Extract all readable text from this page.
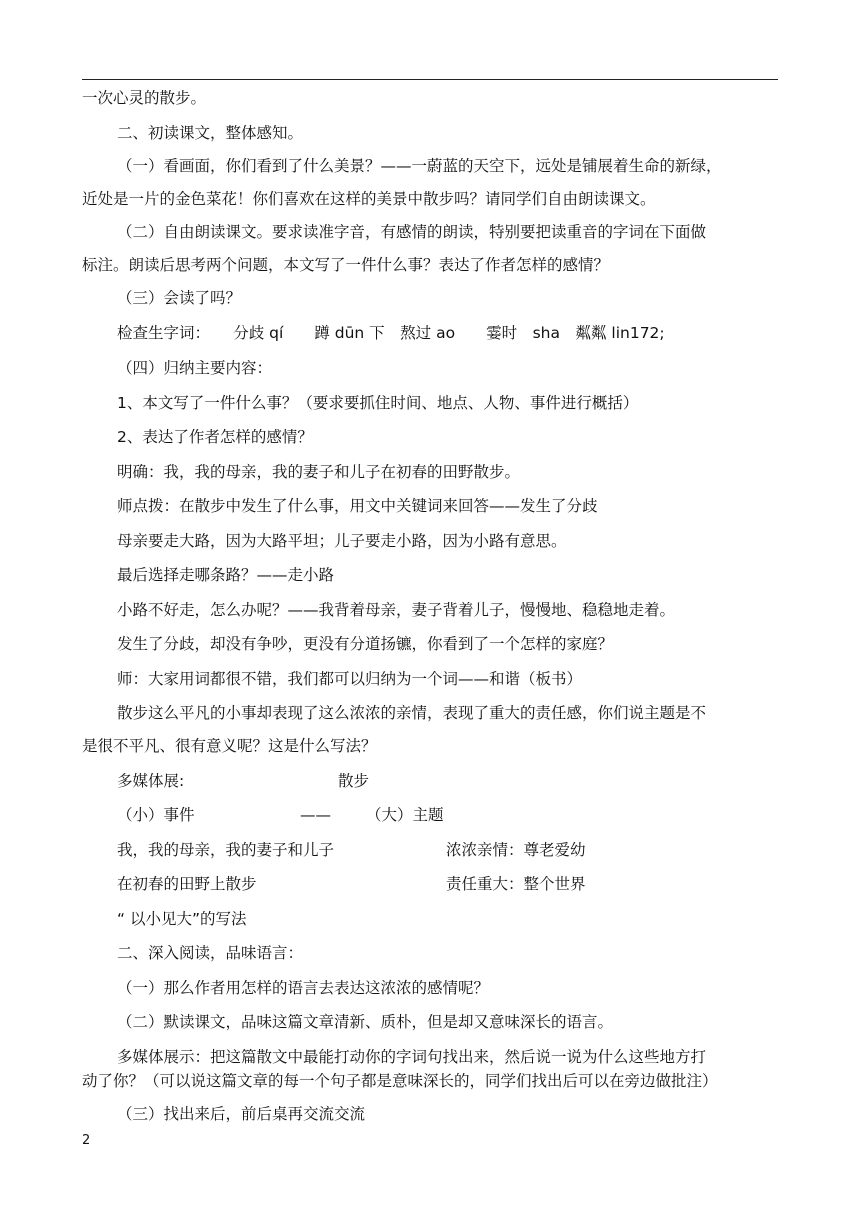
一次心灵的散步。
二、初读课文，整体感知。
（一）看画面，你们看到了什么美景？——一蔚蓝的天空下，远处是铺展着生命的新绿，
近处是一片的金色菜花！你们喜欢在这样的美景中散步吗？请同学们自由朗读课文。
（二）自由朗读课文。要求读准字音，有感情的朗读，特别要把读重音的字词在下面做
标注。朗读后思考两个问题，本文写了一件什么事？表达了作者怎样的感情？
（三）会读了吗？
检查生字词：　　分歧 qí　　蹲 dūn 下　熬过 ao　　霎时　sha　粼粼 lin172;
（四）归纳主要内容：
1、本文写了一件什么事？（要求要抓住时间、地点、人物、事件进行概括）
2、表达了作者怎样的感情？
明确：我，我的母亲，我的妻子和儿子在初春的田野散步。
师点拨：在散步中发生了什么事，用文中关键词来回答——发生了分歧
母亲要走大路，因为大路平坦；儿子要走小路，因为小路有意思。
最后选择走哪条路？——走小路
小路不好走，怎么办呢？——我背着母亲，妻子背着儿子，慢慢地、稳稳地走着。
发生了分歧，却没有争吵，更没有分道扬镳，你看到了一个怎样的家庭？
师：大家用词都很不错，我们都可以归纳为一个词——和谐（板书）
散步这么平凡的小事却表现了这么浓浓的亲情，表现了重大的责任感，你们说主题是不
是很不平凡、很有意义呢？这是什么写法？
多媒体展:	散步
（小）事件	—— （大）主题
我，我的母亲，我的妻子和儿子	浓浓亲情：尊老爱幼
在初春的田野上散步	责任重大：整个世界
“ 以小见大”的写法
二、深入阅读，品味语言：
（一）那么作者用怎样的语言去表达这浓浓的感情呢？
（二）默读课文，品味这篇文章清新、质朴，但是却又意味深长的语言。
多媒体展示：把这篇散文中最能打动你的字词句找出来，然后说一说为什么这些地方打
动了你？（可以说这篇文章的每一个句子都是意味深长的，同学们找出后可以在旁边做批注）
（三）找出来后，前后桌再交流交流
2
